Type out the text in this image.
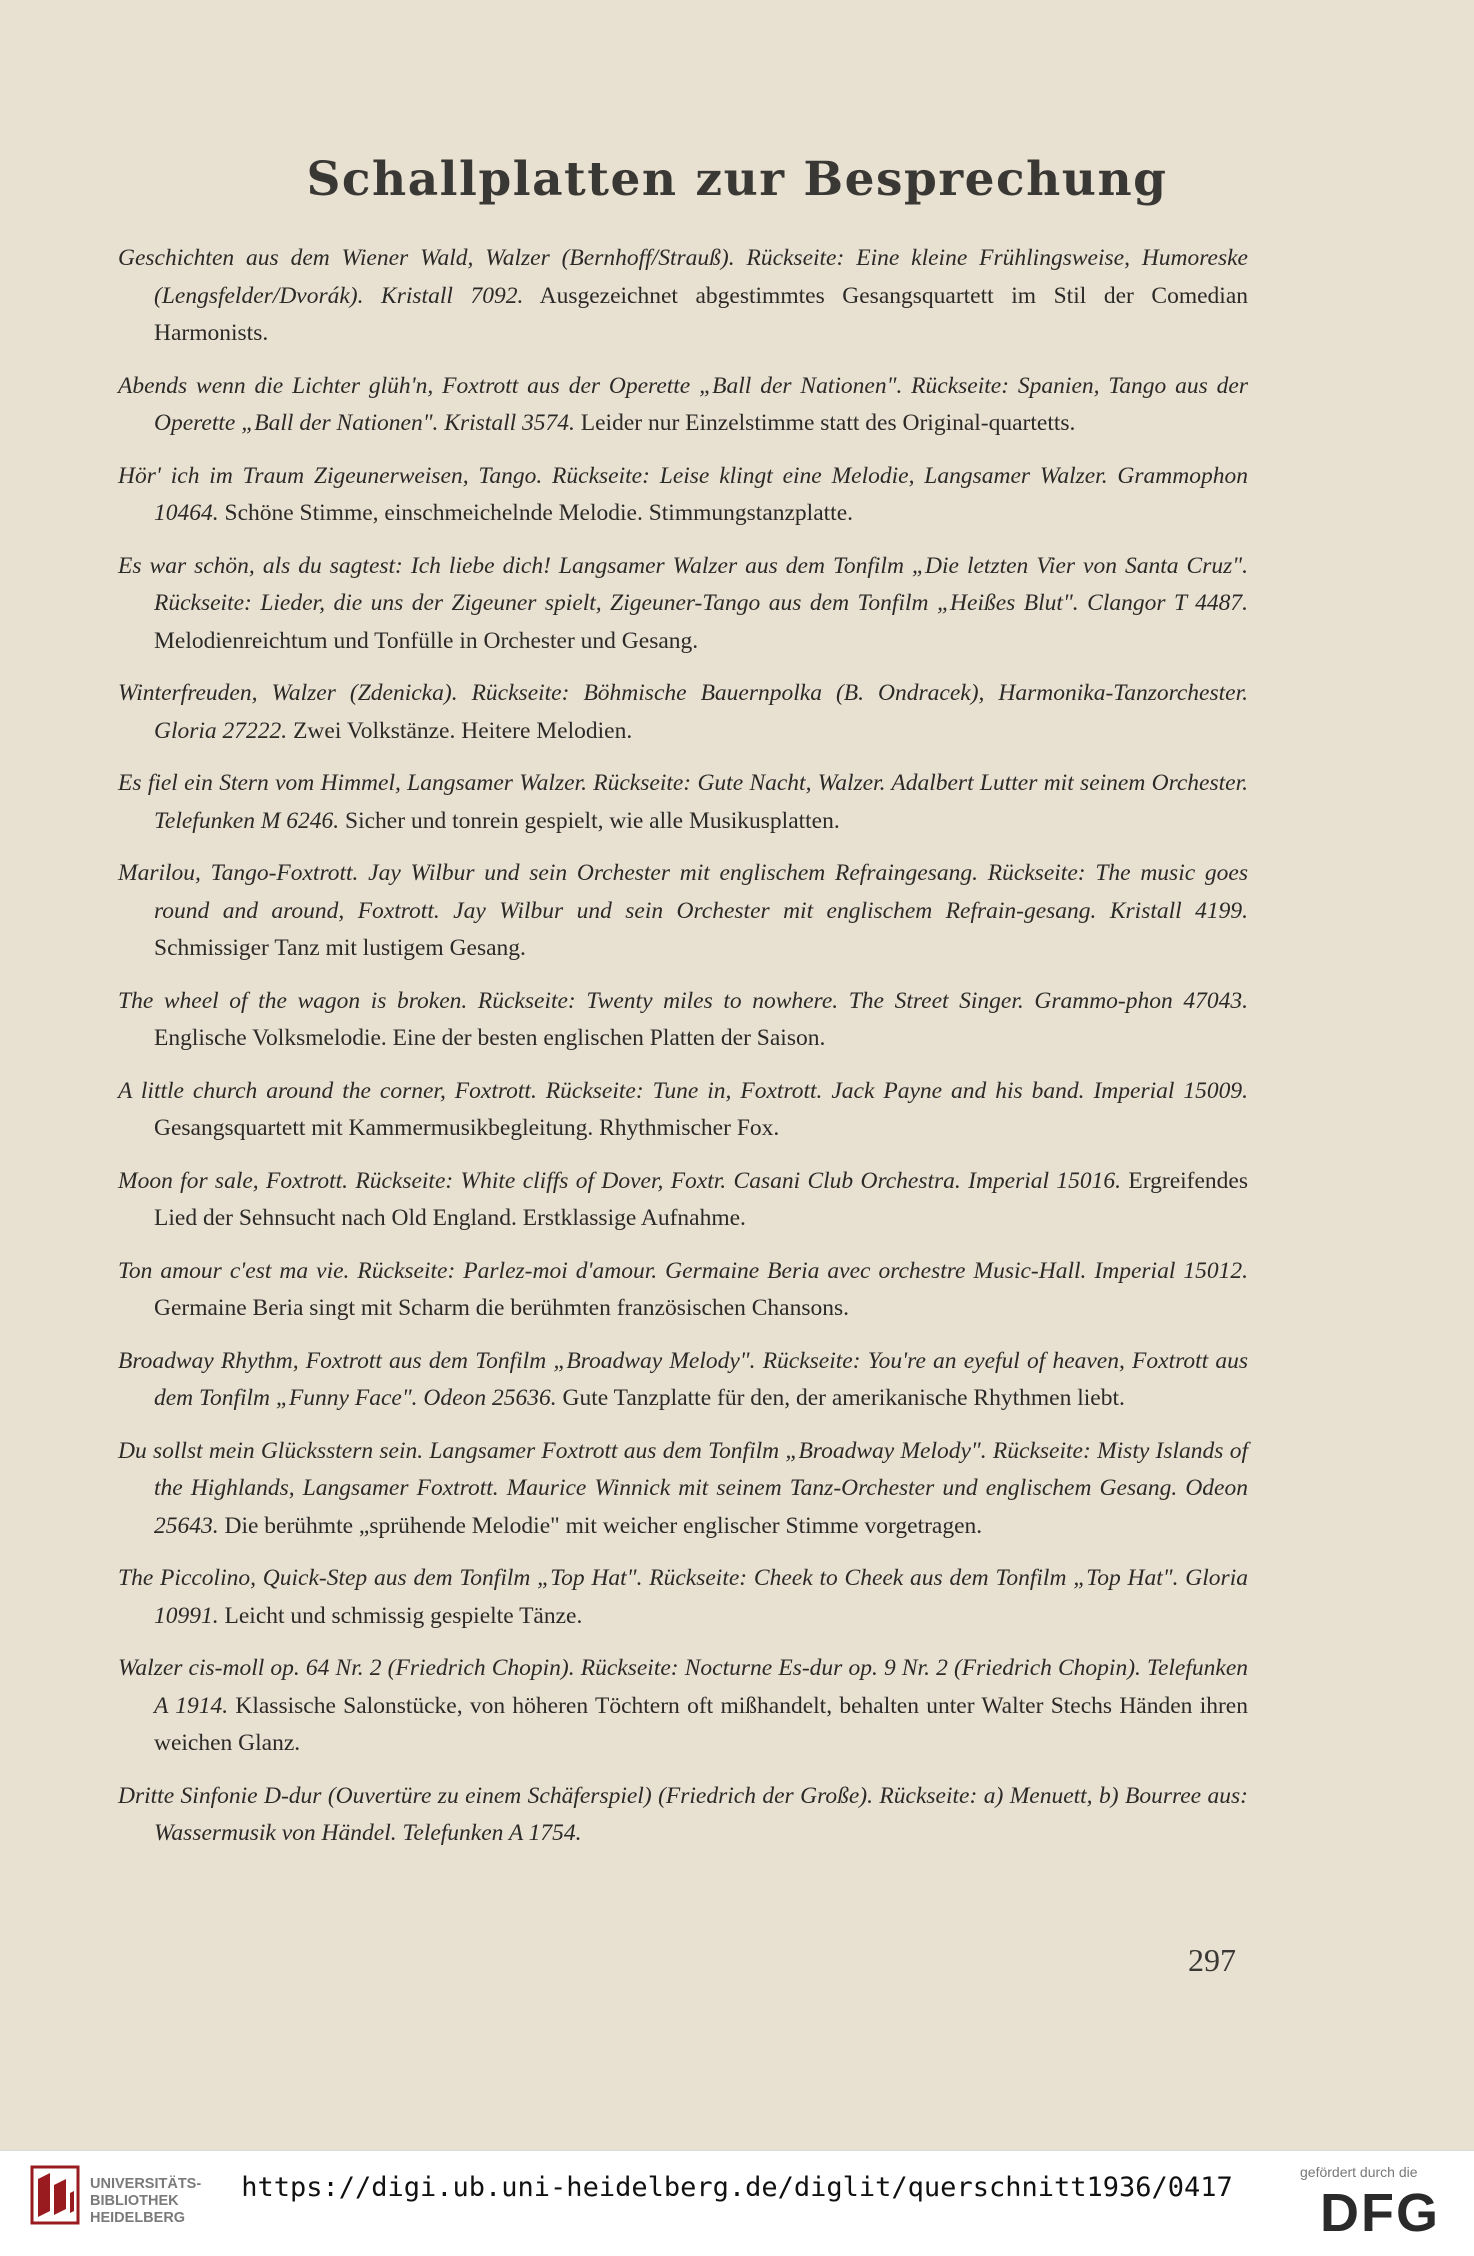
Schallplatten zur Besprechung

Geschichten aus dem Wiener Wald, Walzer (Bernhoff/Strauß). Rückseite: Eine kleine Frühlingsweise, Humoreske (Lengsfelder/Dvorák). Kristall 7092. Ausgezeichnet abgestimmtes Gesangsquartett im Stil der Comedian Harmonists.

Abends wenn die Lichter glüh'n, Foxtrott aus der Operette „Ball der Nationen". Rückseite: Spanien, Tango aus der Operette „Ball der Nationen". Kristall 3574. Leider nur Einzelstimme statt des Original-quartetts.

Hör' ich im Traum Zigeunerweisen, Tango. Rückseite: Leise klingt eine Melodie, Langsamer Walzer. Grammophon 10464. Schöne Stimme, einschmeichelnde Melodie. Stimmungstanzplatte.

Es war schön, als du sagtest: Ich liebe dich! Langsamer Walzer aus dem Tonfilm „Die letzten Vier von Santa Cruz". Rückseite: Lieder, die uns der Zigeuner spielt, Zigeuner-Tango aus dem Tonfilm „Heißes Blut". Clangor T 4487. Melodienreichtum und Tonfülle in Orchester und Gesang.

Winterfreuden, Walzer (Zdenicka). Rückseite: Böhmische Bauernpolka (B. Ondracek), Harmonika-Tanzorchester. Gloria 27222. Zwei Volkstänze. Heitere Melodien.

Es fiel ein Stern vom Himmel, Langsamer Walzer. Rückseite: Gute Nacht, Walzer. Adalbert Lutter mit seinem Orchester. Telefunken M 6246. Sicher und tonrein gespielt, wie alle Musikusplatten.

Marilou, Tango-Foxtrott. Jay Wilbur und sein Orchester mit englischem Refraingesang. Rückseite: The music goes round and around, Foxtrott. Jay Wilbur und sein Orchester mit englischem Refrain-gesang. Kristall 4199. Schmissiger Tanz mit lustigem Gesang.

The wheel of the wagon is broken. Rückseite: Twenty miles to nowhere. The Street Singer. Grammo-phon 47043. Englische Volksmelodie. Eine der besten englischen Platten der Saison.

A little church around the corner, Foxtrott. Rückseite: Tune in, Foxtrott. Jack Payne and his band. Imperial 15009. Gesangsquartett mit Kammermusikbegleitung. Rhythmischer Fox.

Moon for sale, Foxtrott. Rückseite: White cliffs of Dover, Foxtr. Casani Club Orchestra. Imperial 15016. Ergreifendes Lied der Sehnsucht nach Old England. Erstklassige Aufnahme.

Ton amour c'est ma vie. Rückseite: Parlez-moi d'amour. Germaine Beria avec orchestre Music-Hall. Imperial 15012. Germaine Beria singt mit Scharm die berühmten französischen Chansons.

Broadway Rhythm, Foxtrott aus dem Tonfilm „Broadway Melody". Rückseite: You're an eyeful of heaven, Foxtrott aus dem Tonfilm „Funny Face". Odeon 25636. Gute Tanzplatte für den, der amerikanische Rhythmen liebt.

Du sollst mein Glücksstern sein. Langsamer Foxtrott aus dem Tonfilm „Broadway Melody". Rückseite: Misty Islands of the Highlands, Langsamer Foxtrott. Maurice Winnick mit seinem Tanz-Orchester und englischem Gesang. Odeon 25643. Die berühmte „sprühende Melodie" mit weicher englischer Stimme vorgetragen.

The Piccolino, Quick-Step aus dem Tonfilm „Top Hat". Rückseite: Cheek to Cheek aus dem Tonfilm „Top Hat". Gloria 10991. Leicht und schmissig gespielte Tänze.

Walzer cis-moll op. 64 Nr. 2 (Friedrich Chopin). Rückseite: Nocturne Es-dur op. 9 Nr. 2 (Friedrich Chopin). Telefunken A 1914. Klassische Salonstücke, von höheren Töchtern oft mißhandelt, behalten unter Walter Stechs Händen ihren weichen Glanz.

Dritte Sinfonie D-dur (Ouvertüre zu einem Schäferspiel) (Friedrich der Große). Rückseite: a) Menuett, b) Bourree aus: Wassermusik von Händel. Telefunken A 1754.

297
UNIVERSITÄTS-
BIBLIOTHEK
HEIDELBERG
https://digi.ub.uni-heidelberg.de/diglit/querschnitt1936/0417	gefördert durch die
DFG
